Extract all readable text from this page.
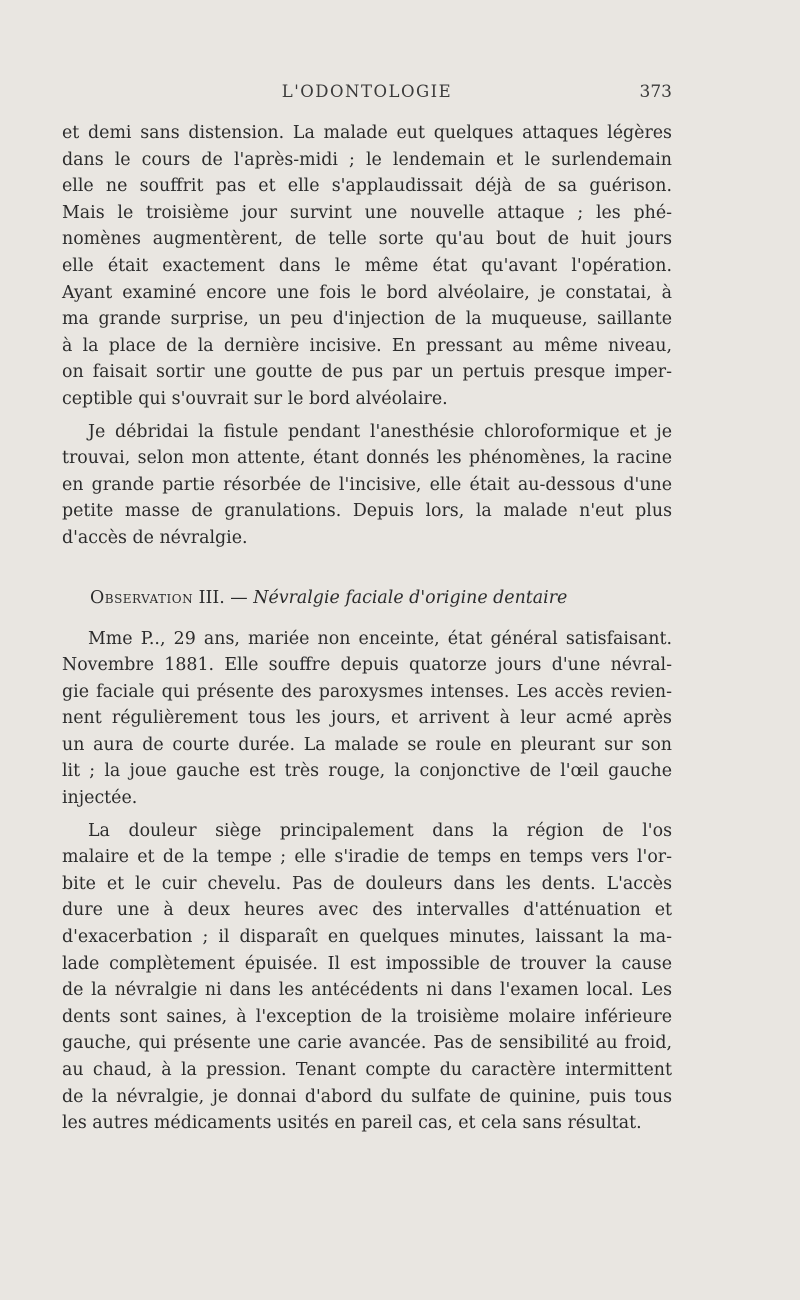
L'ODONTOLOGIE	373
et demi sans distension. La malade eut quelques attaques légères
dans le cours de l'après-midi ; le lendemain et le surlendemain
elle ne souffrit pas et elle s'applaudissait déjà de sa guérison.
Mais le troisième jour survint une nouvelle attaque ; les phé-
nomènes augmentèrent, de telle sorte qu'au bout de huit jours
elle était exactement dans le même état qu'avant l'opération.
Ayant examiné encore une fois le bord alvéolaire, je constatai, à
ma grande surprise, un peu d'injection de la muqueuse, saillante
à la place de la dernière incisive. En pressant au même niveau,
on faisait sortir une goutte de pus par un pertuis presque imper-
ceptible qui s'ouvrait sur le bord alvéolaire.
Je débridai la fistule pendant l'anesthésie chloroformique et je
trouvai, selon mon attente, étant donnés les phénomènes, la racine
en grande partie résorbée de l'incisive, elle était au-dessous d'une
petite masse de granulations. Depuis lors, la malade n'eut plus
d'accès de névralgie.
Observation III. — Névralgie faciale d'origine dentaire
Mme P.., 29 ans, mariée non enceinte, état général satisfaisant.
Novembre 1881. Elle souffre depuis quatorze jours d'une névral-
gie faciale qui présente des paroxysmes intenses. Les accès revien-
nent régulièrement tous les jours, et arrivent à leur acmé après
un aura de courte durée. La malade se roule en pleurant sur son
lit ; la joue gauche est très rouge, la conjonctive de l'œil gauche
injectée.
La douleur siège principalement dans la région de l'os
malaire et de la tempe ; elle s'iradie de temps en temps vers l'or-
bite et le cuir chevelu. Pas de douleurs dans les dents. L'accès
dure une à deux heures avec des intervalles d'atténuation et
d'exacerbation ; il disparaît en quelques minutes, laissant la ma-
lade complètement épuisée. Il est impossible de trouver la cause
de la névralgie ni dans les antécédents ni dans l'examen local. Les
dents sont saines, à l'exception de la troisième molaire inférieure
gauche, qui présente une carie avancée. Pas de sensibilité au froid,
au chaud, à la pression. Tenant compte du caractère intermittent
de la névralgie, je donnai d'abord du sulfate de quinine, puis tous
les autres médicaments usités en pareil cas, et cela sans résultat.
